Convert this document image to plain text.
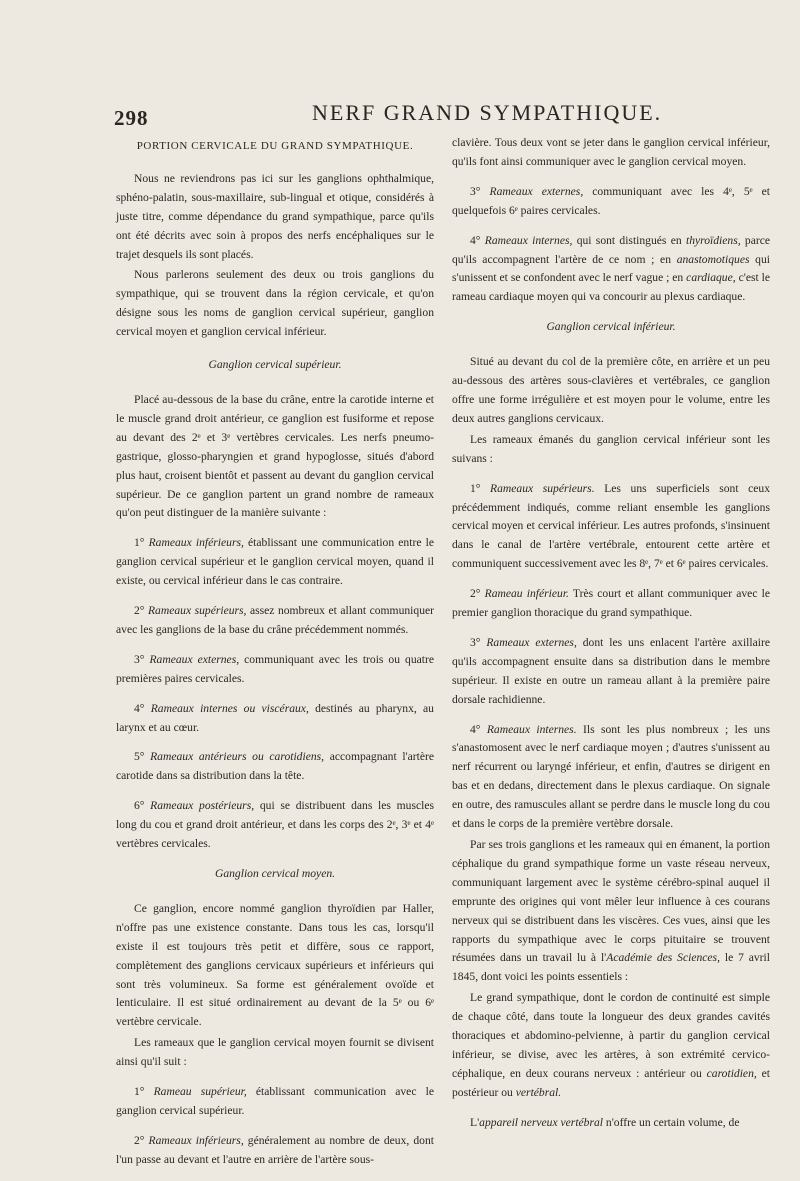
298	NERF GRAND SYMPATHIQUE.
PORTION CERVICALE DU GRAND SYMPATHIQUE.

Nous ne reviendrons pas ici sur les ganglions ophthalmique, sphéno-palatin, sous-maxillaire, sub-lingual et otique, considérés à juste titre, comme dépendance du grand sympathique, parce qu'ils ont été décrits avec soin à propos des nerfs encéphaliques sur le trajet desquels ils sont placés.

Nous parlerons seulement des deux ou trois ganglions du sympathique, qui se trouvent dans la région cervicale, et qu'on désigne sous les noms de ganglion cervical supérieur, ganglion cervical moyen et ganglion cervical inférieur.

Ganglion cervical supérieur.

Placé au-dessous de la base du crâne, entre la carotide interne et le muscle grand droit antérieur, ce ganglion est fusiforme et repose au devant des 2ᵉ et 3ᵉ vertèbres cervicales. Les nerfs pneumo-gastrique, glosso-pharyngien et grand hypoglosse, situés d'abord plus haut, croisent bientôt et passent au devant du ganglion cervical supérieur. De ce ganglion partent un grand nombre de rameaux qu'on peut distinguer de la manière suivante :

1° Rameaux inférieurs, établissant une communication entre le ganglion cervical supérieur et le ganglion cervical moyen, quand il existe, ou cervical inférieur dans le cas contraire.

2° Rameaux supérieurs, assez nombreux et allant communiquer avec les ganglions de la base du crâne précédemment nommés.

3° Rameaux externes, communiquant avec les trois ou quatre premières paires cervicales.

4° Rameaux internes ou viscéraux, destinés au pharynx, au larynx et au cœur.

5° Rameaux antérieurs ou carotidiens, accompagnant l'artère carotide dans sa distribution dans la tête.

6° Rameaux postérieurs, qui se distribuent dans les muscles long du cou et grand droit antérieur, et dans les corps des 2ᵉ, 3ᵉ et 4ᵉ vertèbres cervicales.

Ganglion cervical moyen.

Ce ganglion, encore nommé ganglion thyroïdien par Haller, n'offre pas une existence constante. Dans tous les cas, lorsqu'il existe il est toujours très petit et diffère, sous ce rapport, complètement des ganglions cervicaux supérieurs et inférieurs qui sont très volumineux. Sa forme est généralement ovoïde et lenticulaire. Il est situé ordinairement au devant de la 5ᵉ ou 6ᵉ vertèbre cervicale.

Les rameaux que le ganglion cervical moyen fournit se divisent ainsi qu'il suit :

1° Rameau supérieur, établissant communication avec le ganglion cervical supérieur.

2° Rameaux inférieurs, généralement au nombre de deux, dont l'un passe au devant et l'autre en arrière de l'artère sous-

clavière. Tous deux vont se jeter dans le ganglion cervical inférieur, qu'ils font ainsi communiquer avec le ganglion cervical moyen.

3° Rameaux externes, communiquant avec les 4ᵉ, 5ᵉ et quelquefois 6ᵉ paires cervicales.

4° Rameaux internes, qui sont distingués en thyroïdiens, parce qu'ils accompagnent l'artère de ce nom ; en anastomotiques qui s'unissent et se confondent avec le nerf vague ; en cardiaque, c'est le rameau cardiaque moyen qui va concourir au plexus cardiaque.

Ganglion cervical inférieur.

Situé au devant du col de la première côte, en arrière et un peu au-dessous des artères sous-clavières et vertébrales, ce ganglion offre une forme irrégulière et est moyen pour le volume, entre les deux autres ganglions cervicaux.

Les rameaux émanés du ganglion cervical inférieur sont les suivans :

1° Rameaux supérieurs. Les uns superficiels sont ceux précédemment indiqués, comme reliant ensemble les ganglions cervical moyen et cervical inférieur. Les autres profonds, s'insinuent dans le canal de l'artère vertébrale, entourent cette artère et communiquent successivement avec les 8ᵉ, 7ᵉ et 6ᵉ paires cervicales.

2° Rameau inférieur. Très court et allant communiquer avec le premier ganglion thoracique du grand sympathique.

3° Rameaux externes, dont les uns enlacent l'artère axillaire qu'ils accompagnent ensuite dans sa distribution dans le membre supérieur. Il existe en outre un rameau allant à la première paire dorsale rachidienne.

4° Rameaux internes. Ils sont les plus nombreux ; les uns s'anastomosent avec le nerf cardiaque moyen ; d'autres s'unissent au nerf récurrent ou laryngé inférieur, et enfin, d'autres se dirigent en bas et en dedans, directement dans le plexus cardiaque. On signale en outre, des ramuscules allant se perdre dans le muscle long du cou et dans le corps de la première vertèbre dorsale.

Par ses trois ganglions et les rameaux qui en émanent, la portion céphalique du grand sympathique forme un vaste réseau nerveux, communiquant largement avec le système cérébro-spinal auquel il emprunte des origines qui vont mêler leur influence à ces courans nerveux qui se distribuent dans les viscères. Ces vues, ainsi que les rapports du sympathique avec le corps pituitaire se trouvent résumées dans un travail lu à l'Académie des Sciences, le 7 avril 1845, dont voici les points essentiels :

Le grand sympathique, dont le cordon de continuité est simple de chaque côté, dans toute la longueur des deux grandes cavités thoraciques et abdomino-pelvienne, à partir du ganglion cervical inférieur, se divise, avec les artères, à son extrémité cervico-céphalique, en deux courans nerveux : antérieur ou carotidien, et postérieur ou vertébral.

L'appareil nerveux vertébral n'offre un certain volume, de
